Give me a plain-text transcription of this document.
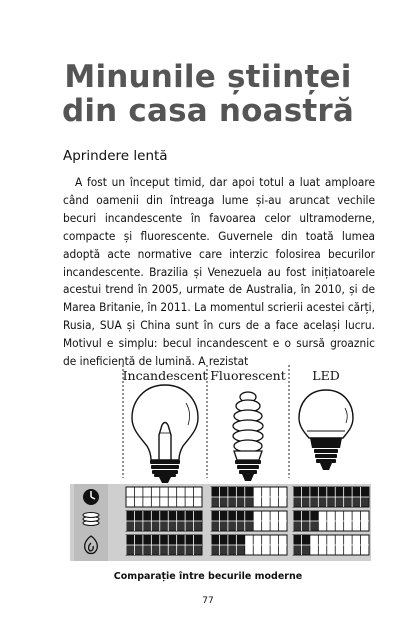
Minunile științei
din casa noastră
Aprindere lentă
A fost un început timid, dar apoi totul a luat amploare când oamenii din întreaga lume și-au aruncat vechile becuri incandescente în favoarea celor ultramoderne, compacte și fluorescente. Guvernele din toată lumea adoptă acte normative care interzic folosirea becurilor incandescente. Brazilia și Venezuela au fost inițiatoarele acestui trend în 2005, urmate de Australia, în 2010, și de Marea Britanie, în 2011. La momentul scrierii acestei cărți, Rusia, SUA și China sunt în curs de a face același lucru. Motivul e simplu: becul incandescent e o sursă groaznic de ineficientă de lumină. A rezistat
Incandescent Fluorescent LED
Comparație între becurile moderne
77
